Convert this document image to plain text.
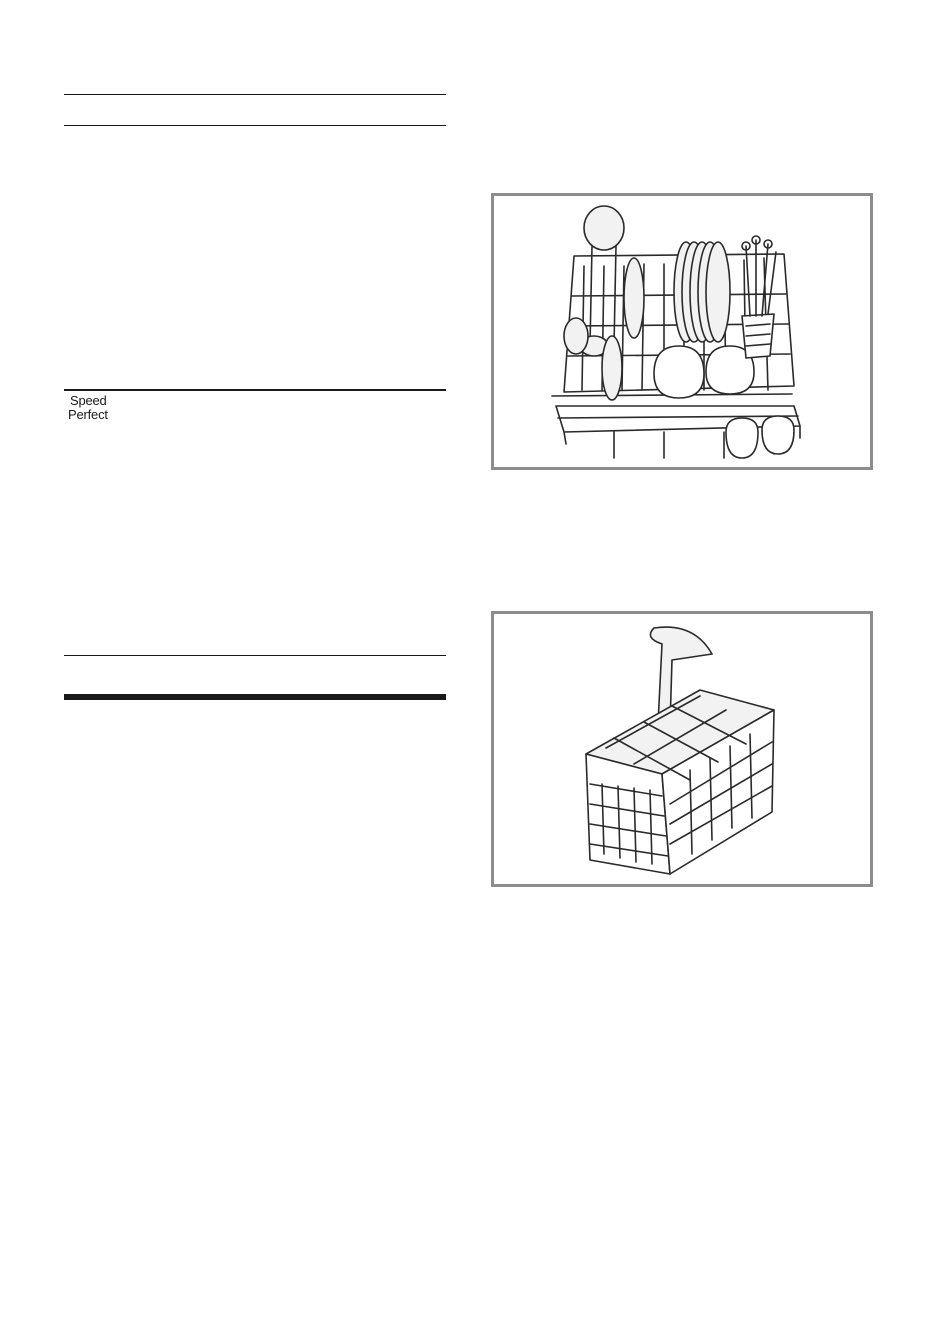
Speed
Perfect
